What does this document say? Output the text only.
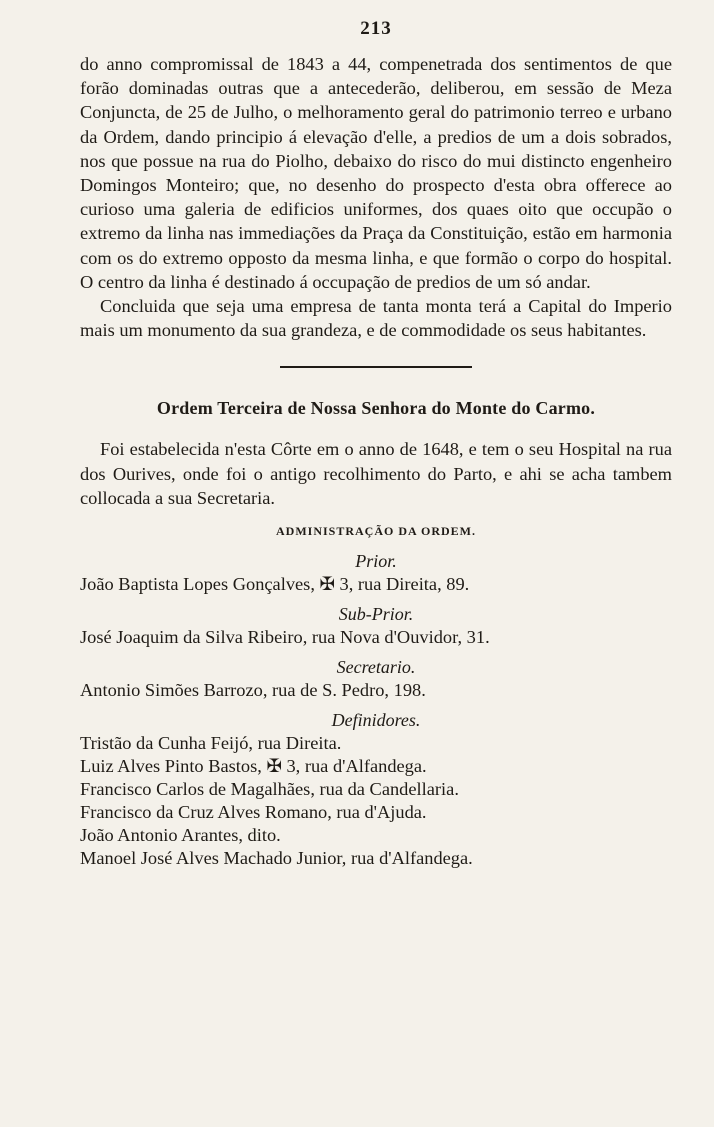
213

do anno compromissal de 1843 a 44, compenetrada dos sentimentos de que forão dominadas outras que a antecederão, deliberou, em sessão de Meza Conjuncta, de 25 de Julho, o melhoramento geral do patrimonio terreo e urbano da Ordem, dando principio á elevação d'elle, a predios de um a dois sobrados, nos que possue na rua do Piolho, debaixo do risco do mui distincto engenheiro Domingos Monteiro; que, no desenho do prospecto d'esta obra offerece ao curioso uma galeria de edificios uniformes, dos quaes oito que occupão o extremo da linha nas immediações da Praça da Constituição, estão em harmonia com os do extremo opposto da mesma linha, e que formão o corpo do hospital. O centro da linha é destinado á occupação de predios de um só andar.

Concluida que seja uma empresa de tanta monta terá a Capital do Imperio mais um monumento da sua grandeza, e de commodidade os seus habitantes.

Ordem Terceira de Nossa Senhora do Monte do Carmo.

Foi estabelecida n'esta Côrte em o anno de 1648, e tem o seu Hospital na rua dos Ourives, onde foi o antigo recolhimento do Parto, e ahi se acha tambem collocada a sua Secretaria.

ADMINISTRAÇÃO DA ORDEM.

Prior.

João Baptista Lopes Gonçalves, ✠ 3, rua Direita, 89.

Sub-Prior.

José Joaquim da Silva Ribeiro, rua Nova d'Ouvidor, 31.

Secretario.

Antonio Simões Barrozo, rua de S. Pedro, 198.

Definidores.

Tristão da Cunha Feijó, rua Direita.

Luiz Alves Pinto Bastos, ✠ 3, rua d'Alfandega.

Francisco Carlos de Magalhães, rua da Candellaria.

Francisco da Cruz Alves Romano, rua d'Ajuda.

João Antonio Arantes, dito.

Manoel José Alves Machado Junior, rua d'Alfandega.
